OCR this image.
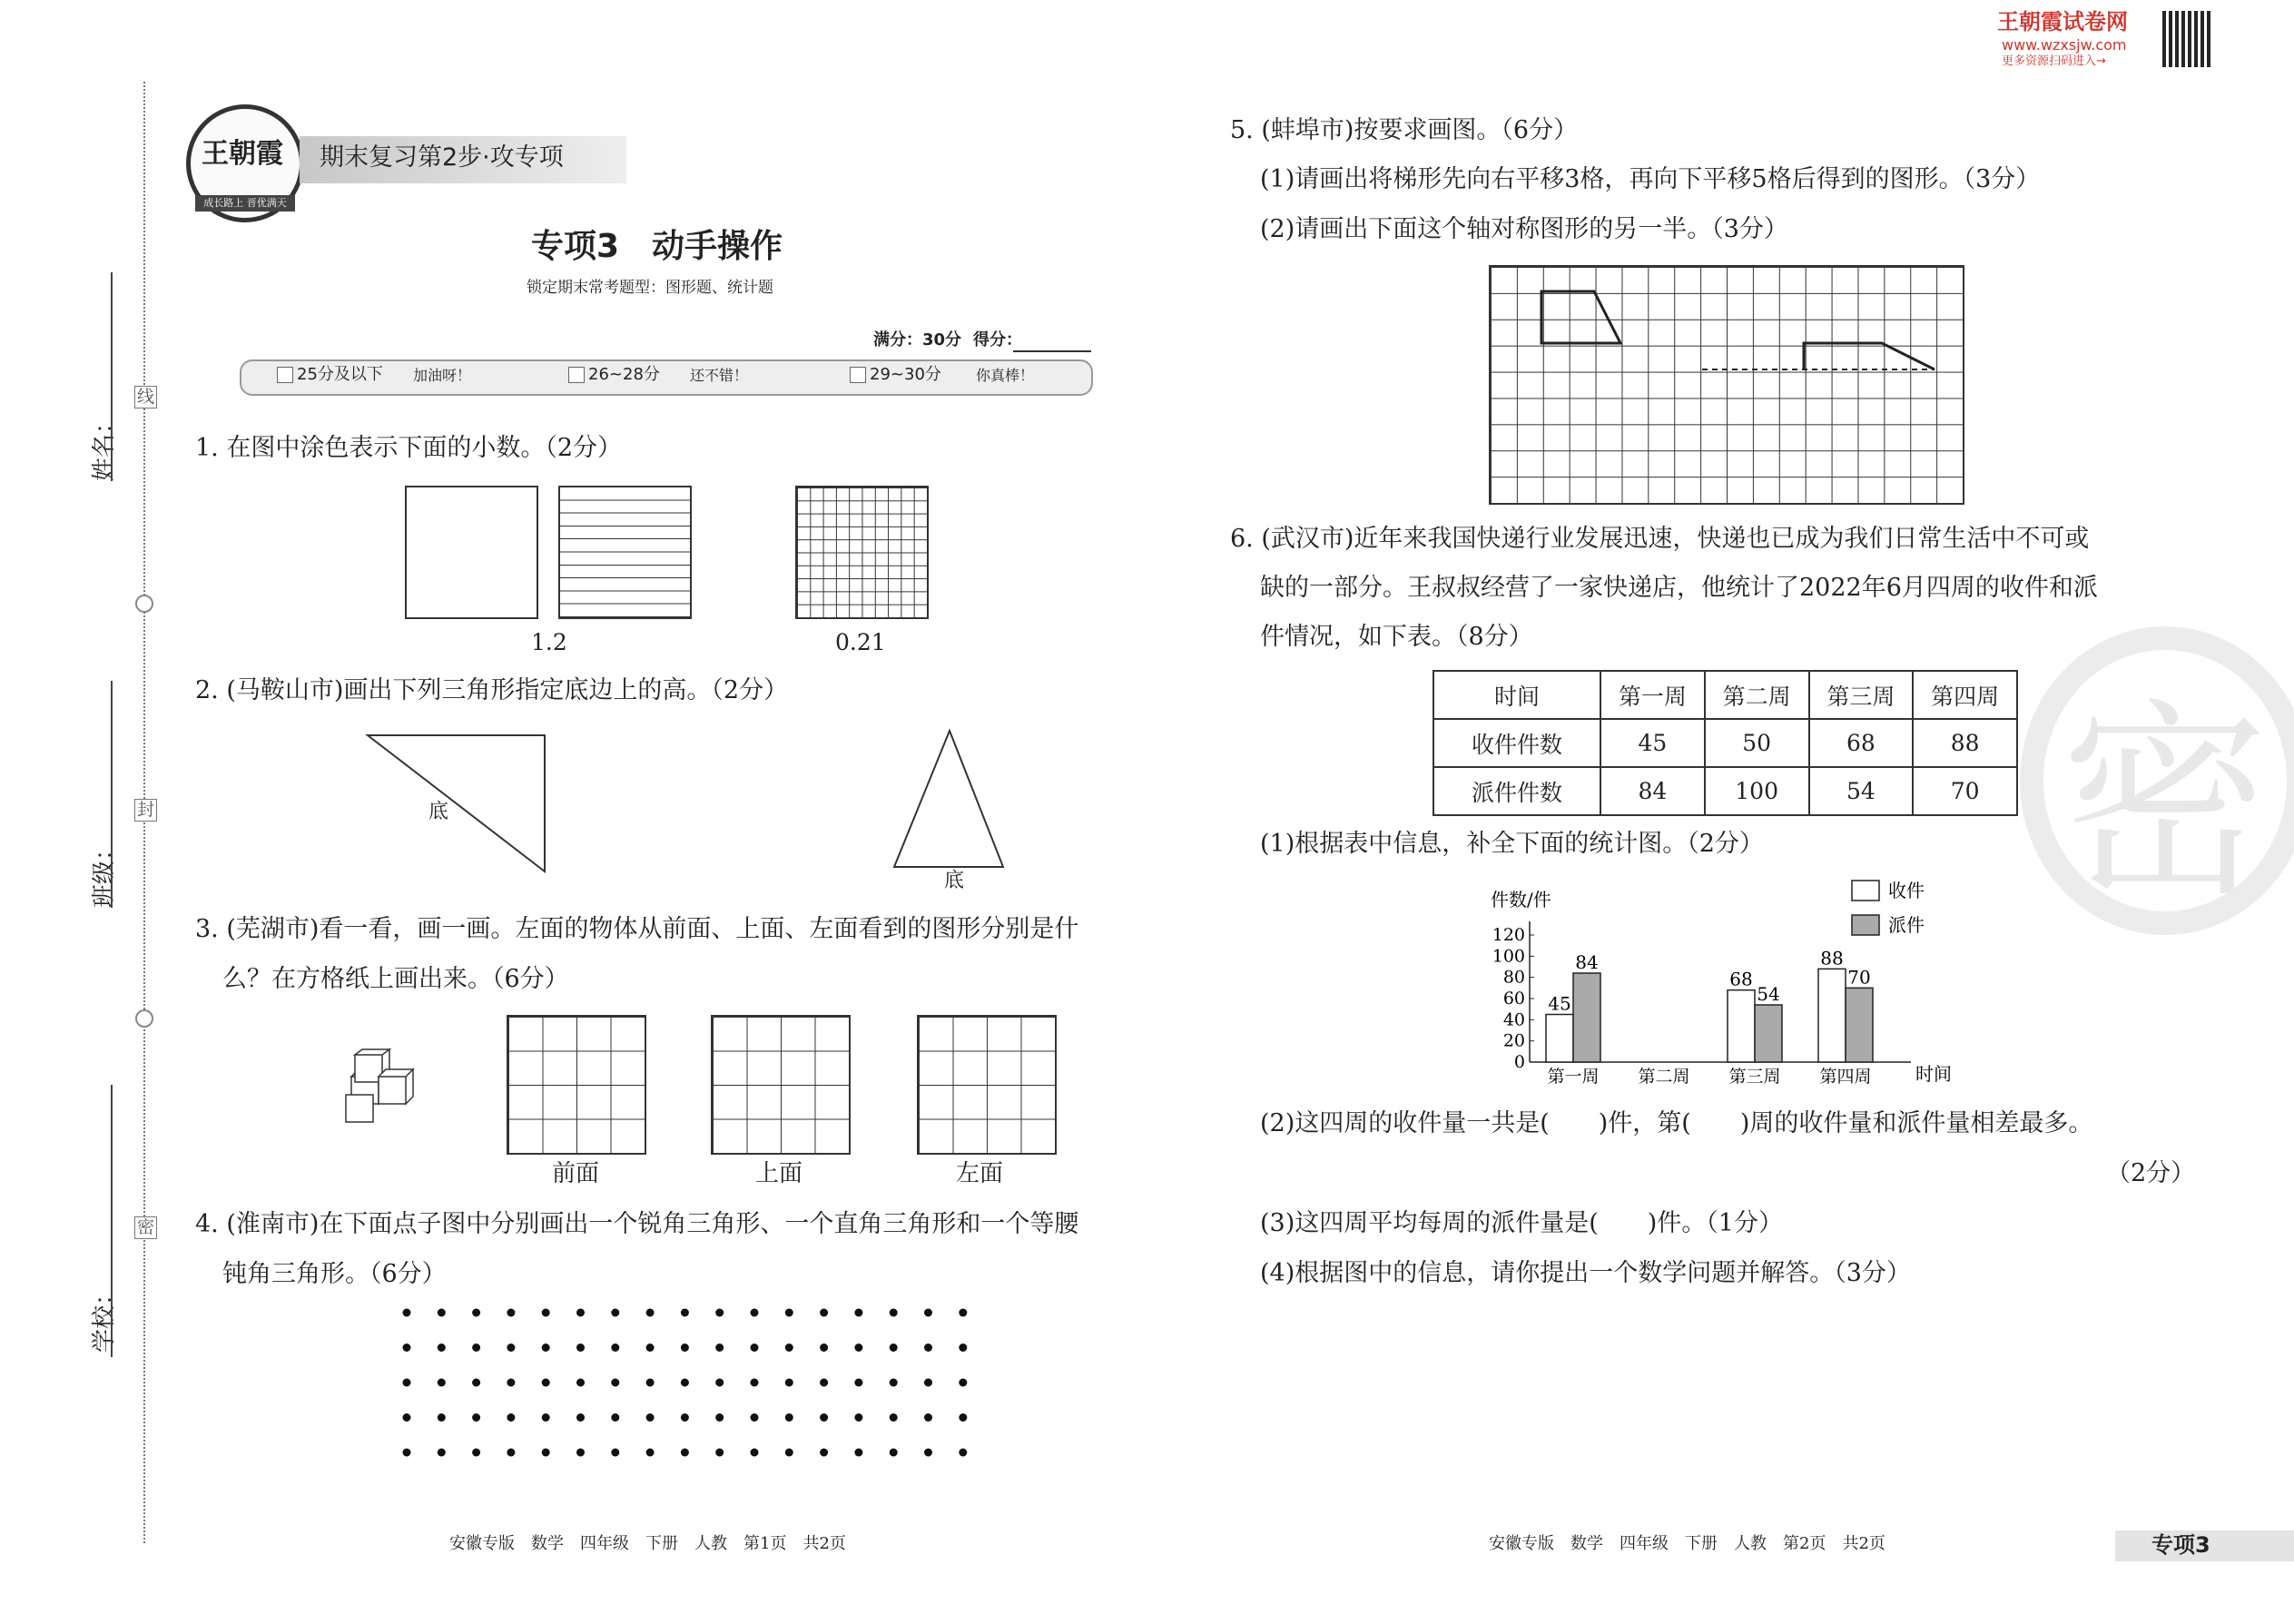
王朝霞试卷网
www.wzxsjw.com
更多资源扫码进入→
密
姓名：
班级：
学校：
线
封
密
王朝霞
成长路上 晋优满天
期末复习第2步·攻专项
专项3　动手操作
锁定期末常考题型：图形题、统计题
满分：30分 得分：
25分及以下 加油呀！	26~28分 还不错！	29~30分 你真棒！
1. 在图中涂色表示下面的小数。（2分）
1.2	0.21
2. (马鞍山市)画出下列三角形指定底边上的高。（2分）
底
底
3. (芜湖市)看一看，画一画。左面的物体从前面、上面、左面看到的图形分别是什
么？在方格纸上画出来。（6分）
前面	上面	左面
4. (淮南市)在下面点子图中分别画出一个锐角三角形、一个直角三角形和一个等腰
钝角三角形。（6分）
5. (蚌埠市)按要求画图。（6分）
(1)请画出将梯形先向右平移3格，再向下平移5格后得到的图形。（3分）
(2)请画出下面这个轴对称图形的另一半。（3分）
6. (武汉市)近年来我国快递行业发展迅速，快递也已成为我们日常生活中不可或
缺的一部分。王叔叔经营了一家快递店，他统计了2022年6月四周的收件和派
件情况，如下表。（8分）
时间	第一周	第二周	第三周	第四周
收件件数	45	50	68	88
派件件数	84	100	54	70
(1)根据表中信息，补全下面的统计图。（2分）
件数/件
时间
0
20
40
60
80
100
120
第一周
45
84
第二周 第三周
68
54
第四周
88
70
收件
派件
(2)这四周的收件量一共是(　　)件，第(　　)周的收件量和派件量相差最多。
（2分）
(3)这四周平均每周的派件量是(　　)件。（1分）
(4)根据图中的信息，请你提出一个数学问题并解答。（3分）
安徽专版　数学　四年级　下册　人教　第1页　共2页	安徽专版　数学　四年级　下册　人教　第2页　共2页	专项3
